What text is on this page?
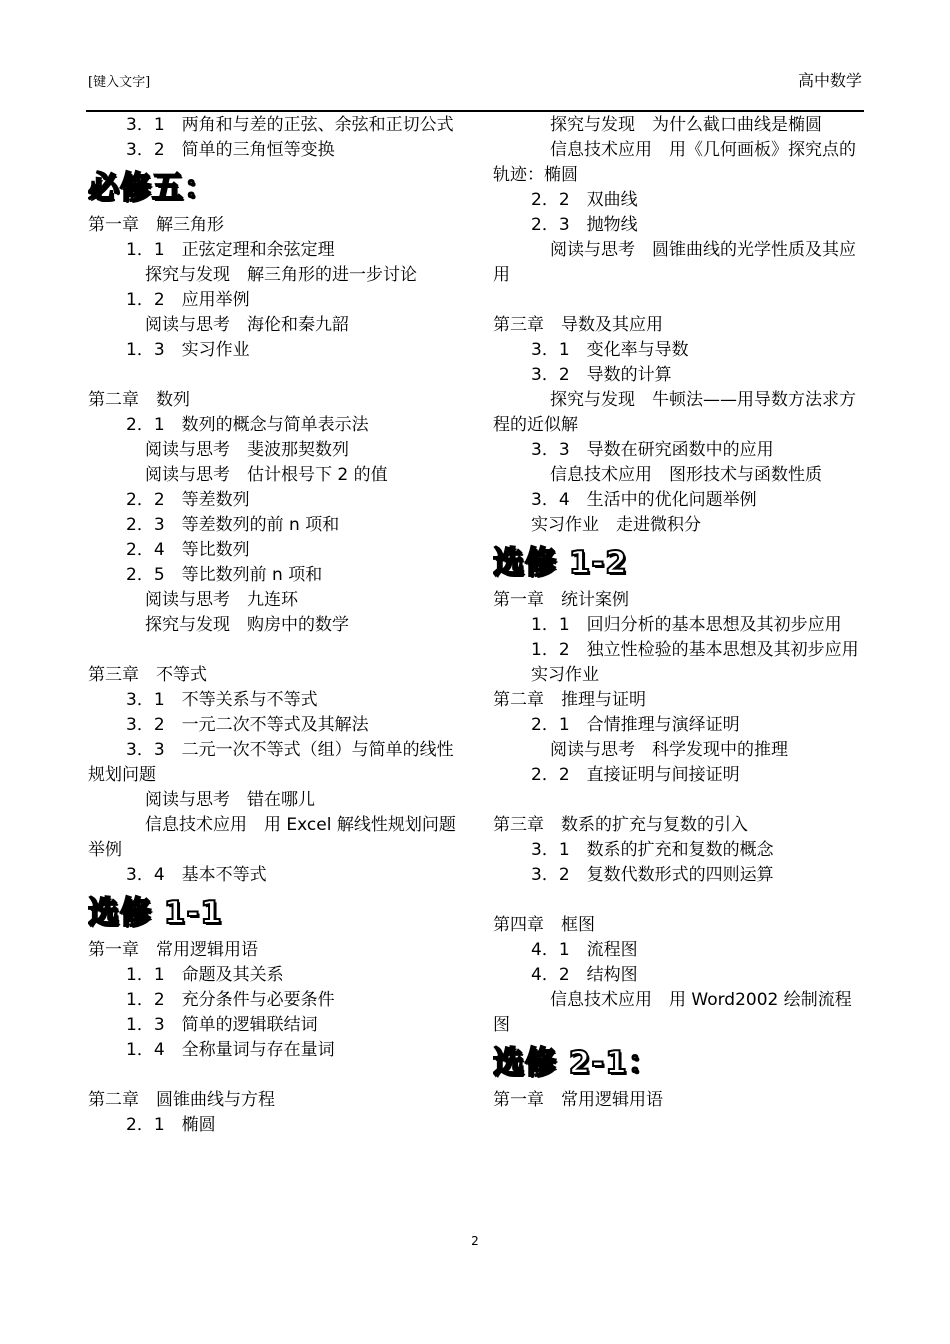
[键入文字]	高中数学
3．1　两角和与差的正弦、余弦和正切公式
3．2　简单的三角恒等变换
必修五：
第一章　解三角形
1．1　正弦定理和余弦定理
探究与发现　解三角形的进一步讨论
1．2　应用举例
阅读与思考　海伦和秦九韶
1．3　实习作业
第二章　数列
2．1　数列的概念与简单表示法
阅读与思考　斐波那契数列
阅读与思考　估计根号下 2 的值
2．2　等差数列
2．3　等差数列的前 n 项和
2．4　等比数列
2．5　等比数列前 n 项和
阅读与思考　九连环
探究与发现　购房中的数学
第三章　不等式
3．1　不等关系与不等式
3．2　一元二次不等式及其解法
3．3　二元一次不等式（组）与简单的线性规划问题
阅读与思考　错在哪儿
信息技术应用　用 Excel 解线性规划问题举例
3．4　基本不等式
选修 1-1
第一章　常用逻辑用语
1．1　命题及其关系
1．2　充分条件与必要条件
1．3　简单的逻辑联结词
1．4　全称量词与存在量词
第二章　圆锥曲线与方程
2．1　椭圆
探究与发现　为什么截口曲线是椭圆
信息技术应用　用《几何画板》探究点的轨迹：椭圆
2．2　双曲线
2．3　抛物线
阅读与思考　圆锥曲线的光学性质及其应用
第三章　导数及其应用
3．1　变化率与导数
3．2　导数的计算
探究与发现　牛顿法——用导数方法求方程的近似解
3．3　导数在研究函数中的应用
信息技术应用　图形技术与函数性质
3．4　生活中的优化问题举例
实习作业　走进微积分
选修 1-2
第一章　统计案例
1．1　回归分析的基本思想及其初步应用
1．2　独立性检验的基本思想及其初步应用
实习作业
第二章　推理与证明
2．1　合情推理与演绎证明
阅读与思考　科学发现中的推理
2．2　直接证明与间接证明
第三章　数系的扩充与复数的引入
3．1　数系的扩充和复数的概念
3．2　复数代数形式的四则运算
第四章　框图
4．1　流程图
4．2　结构图
信息技术应用　用 Word2002 绘制流程图
选修 2-1：
第一章　常用逻辑用语
2
